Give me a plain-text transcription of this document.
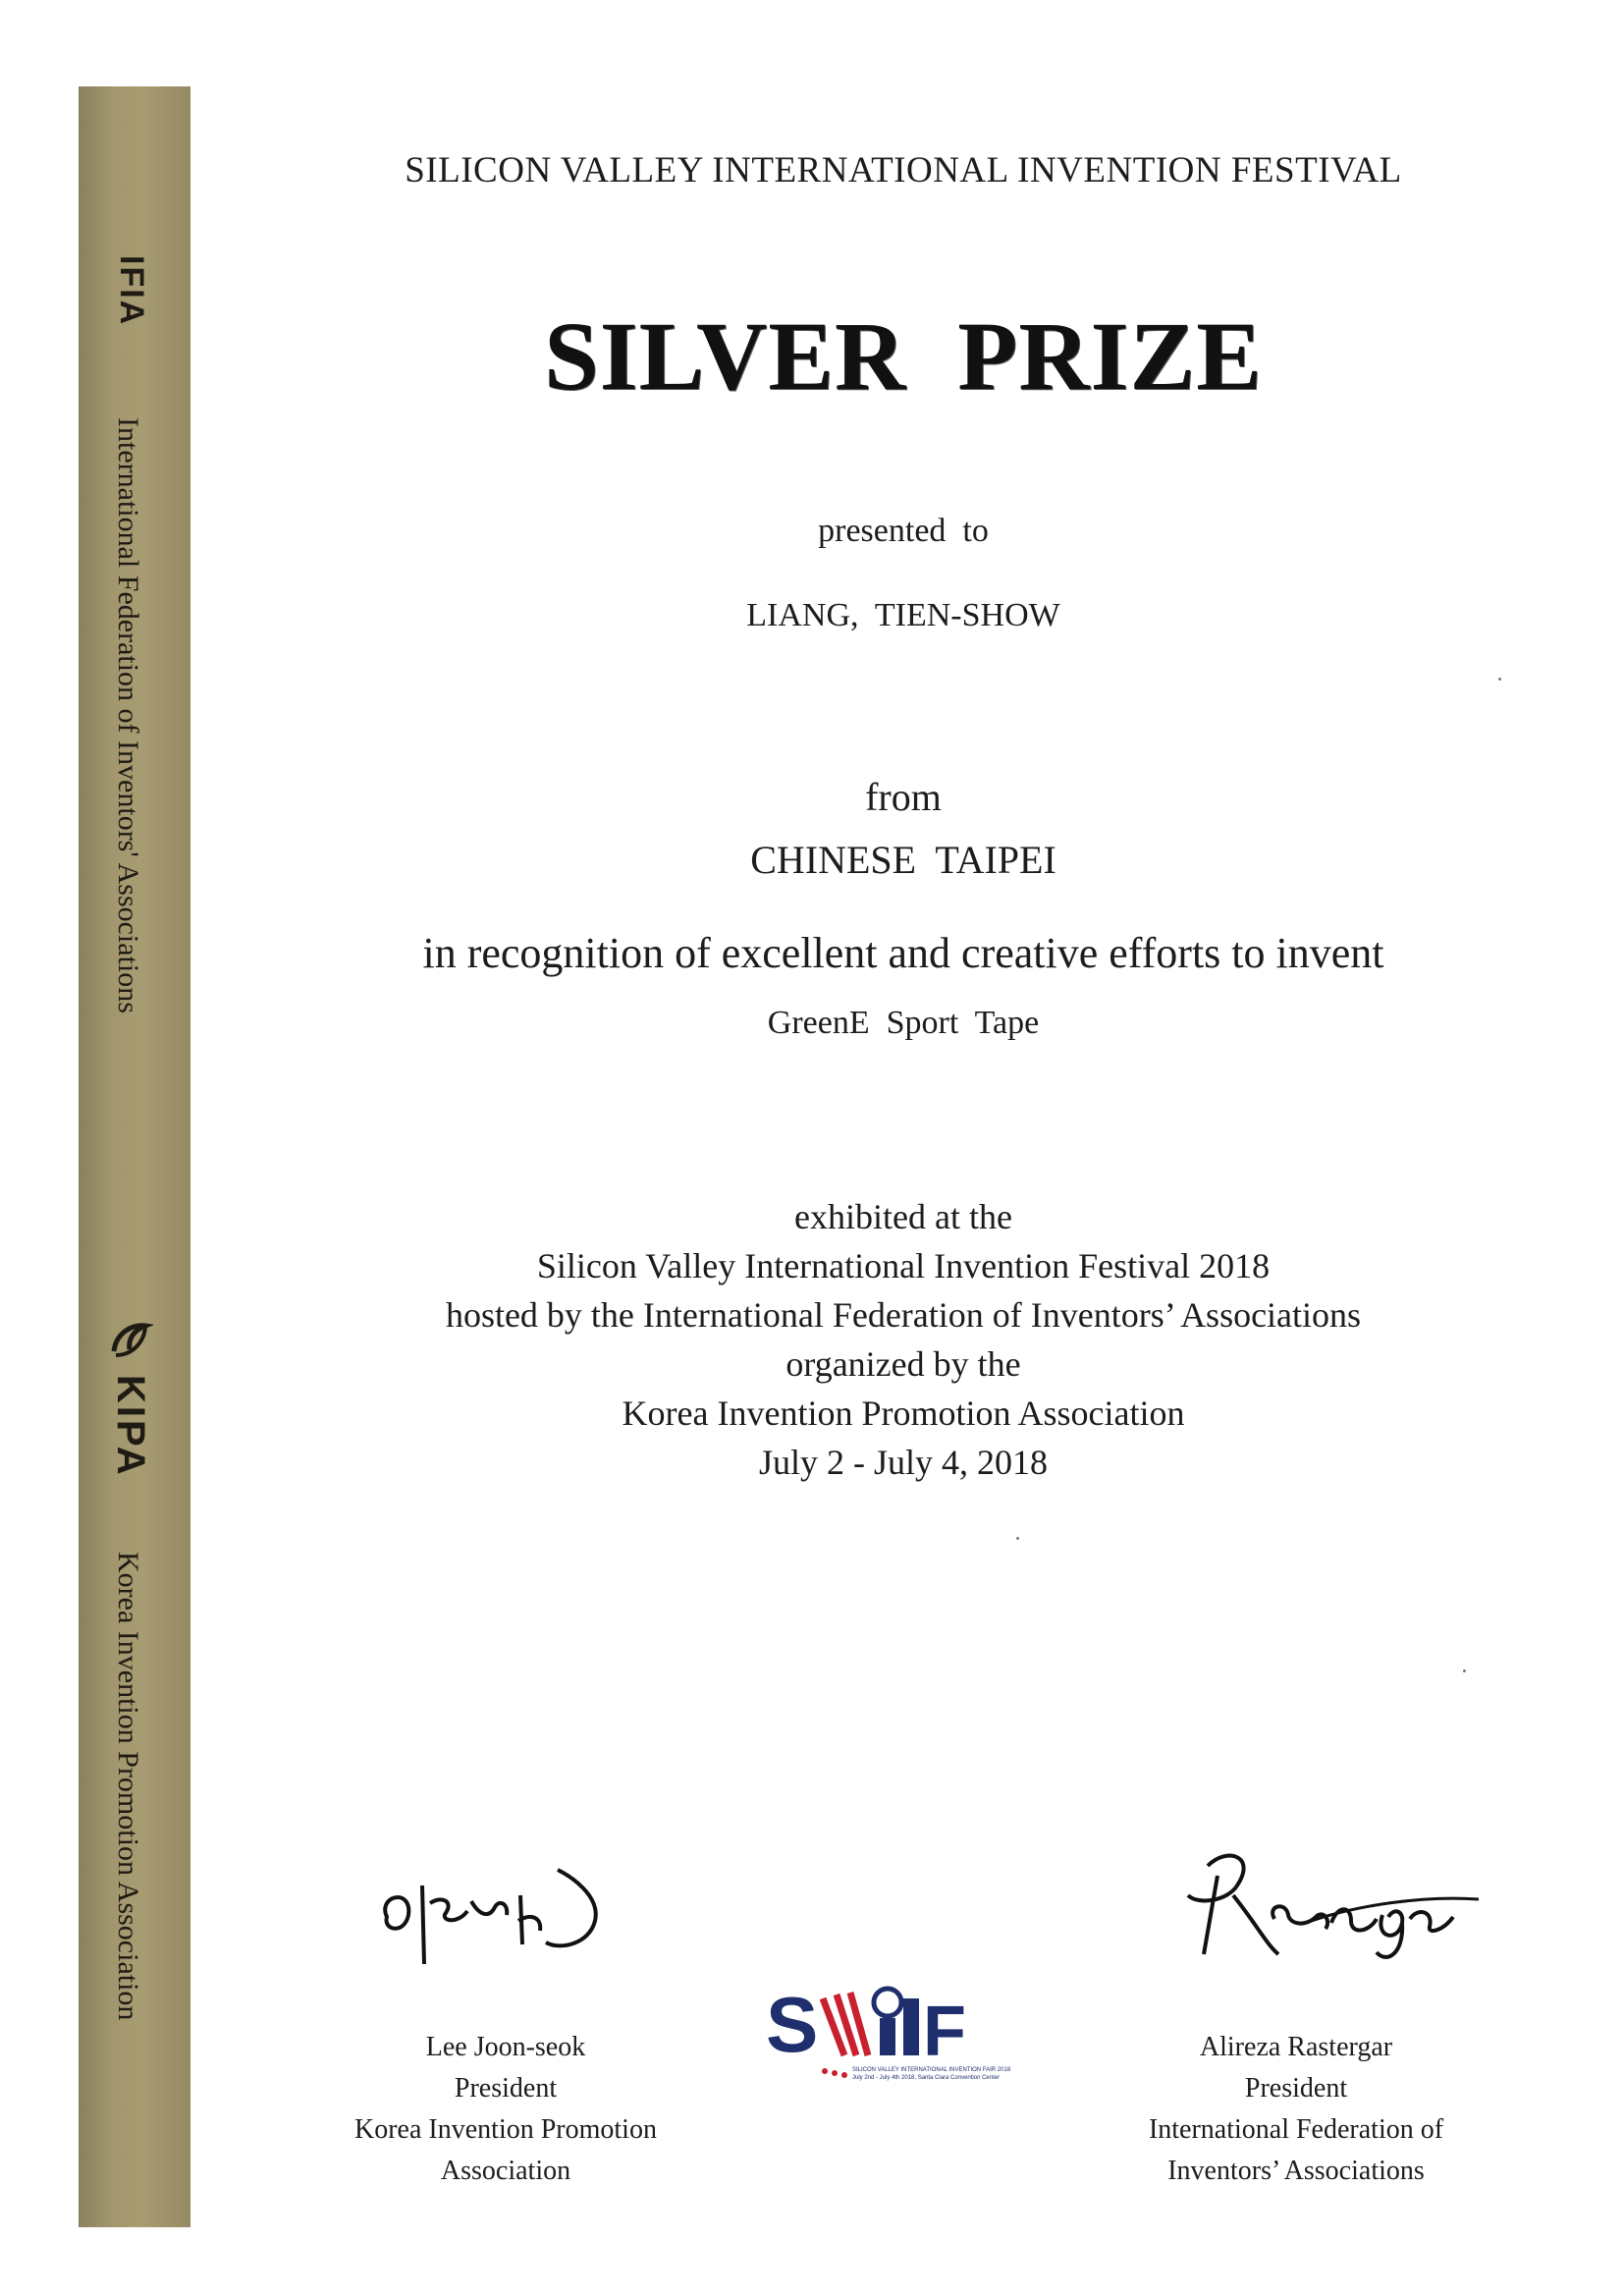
IFIA
International Federation of Inventors' Associations
KIPA
Korea Invention Promotion Association
SILICON VALLEY INTERNATIONAL INVENTION FESTIVAL
SILVER  PRIZE
presented  to
LIANG,  TIEN-SHOW
from
CHINESE  TAIPEI
in recognition of excellent and creative efforts to invent
GreenE  Sport  Tape
exhibited at the
Silicon Valley International Invention Festival 2018
hosted by the International Federation of Inventors’ Associations
organized by the
Korea Invention Promotion Association
July 2 - July 4, 2018
Lee Joon-seok
President
Korea Invention Promotion
Association
S F
SILICON VALLEY INTERNATIONAL INVENTION FAIR 2018
July 2nd - July 4th 2018, Santa Clara Convention Center
Alireza Rastergar
President
International Federation of
Inventors’ Associations
